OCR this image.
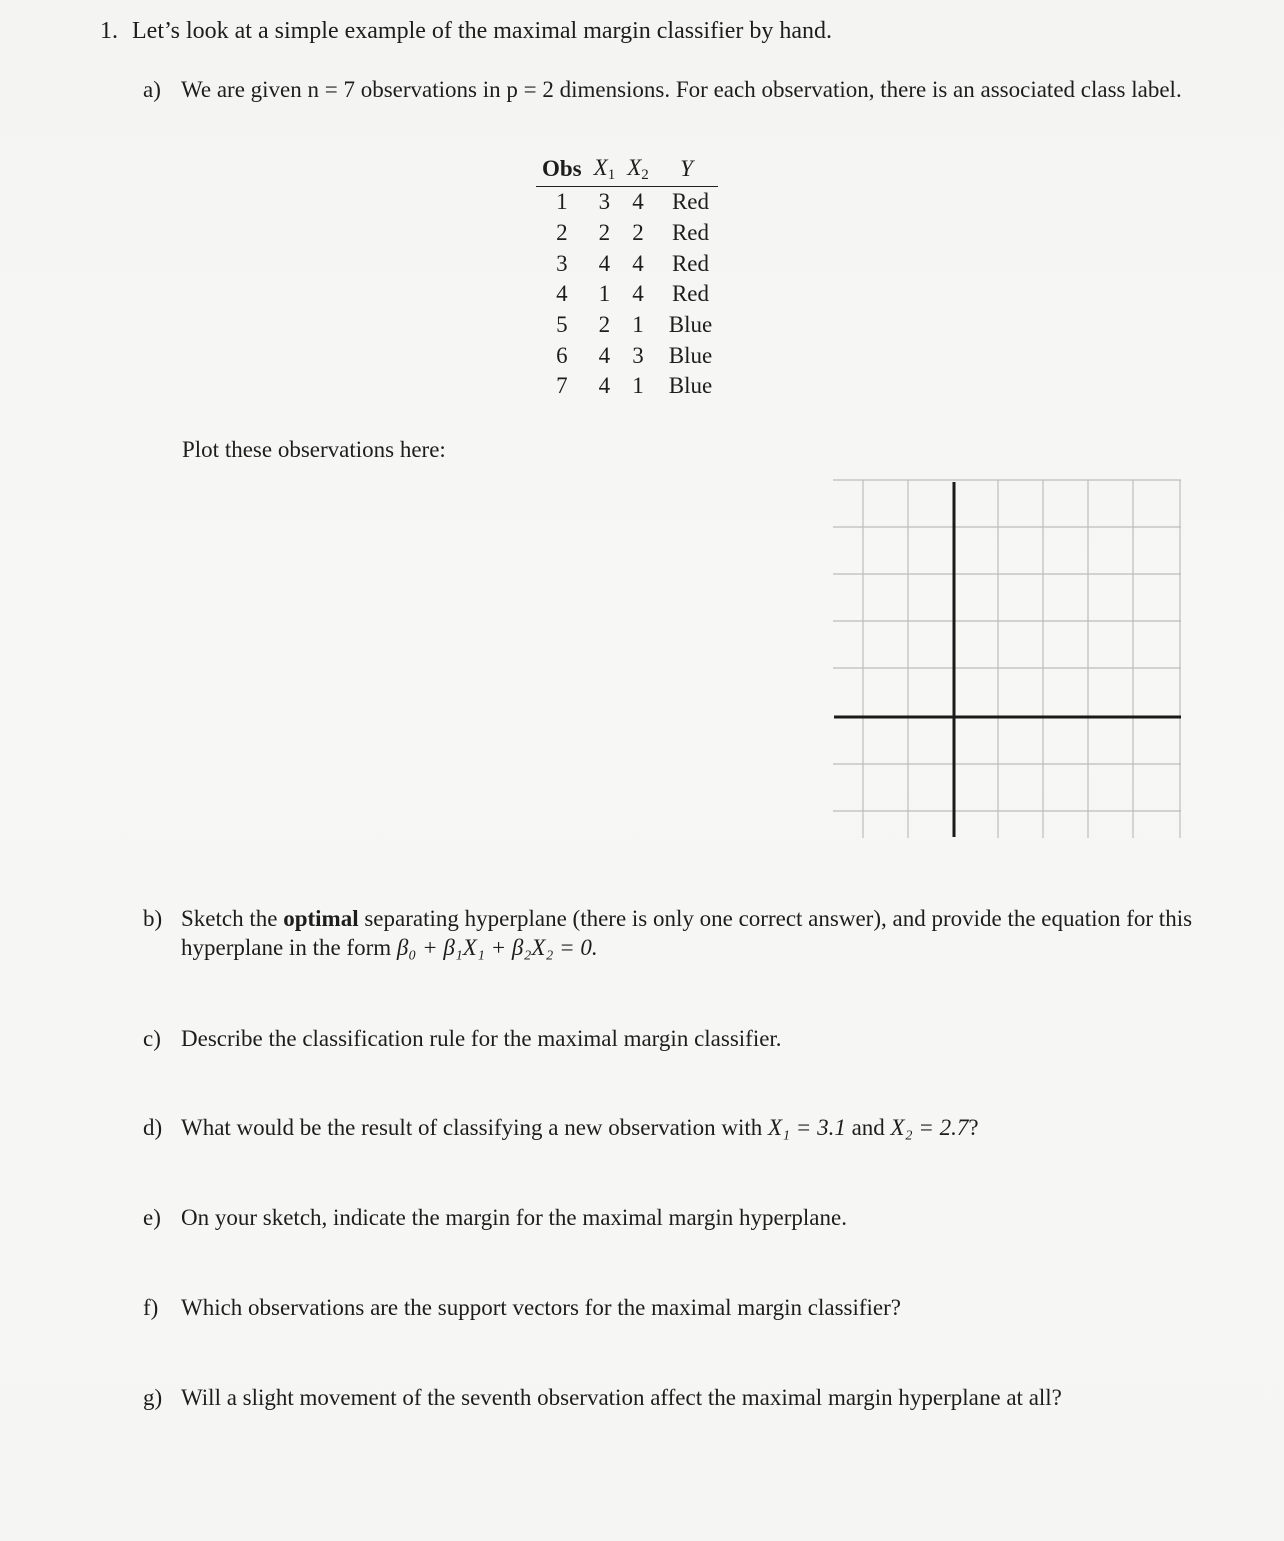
1. Let’s look at a simple example of the maximal margin classifier by hand.
a) We are given n = 7 observations in p = 2 dimensions. For each observation, there is an associated class label.
Obs	$X_1$	$X_2$	Y
1	3	4	Red
2	2	2	Red
3	4	4	Red
4	1	4	Red
5	2	1	Blue
6	4	3	Blue
7	4	1	Blue
Plot these observations here:
b) Sketch the optimal separating hyperplane (there is only one correct answer), and provide the equation for this hyperplane in the form β₀ + β₁X₁ + β₂X₂ = 0.
c) Describe the classification rule for the maximal margin classifier.
d) What would be the result of classifying a new observation with X₁ = 3.1 and X₂ = 2.7?
e) On your sketch, indicate the margin for the maximal margin hyperplane.
f) Which observations are the support vectors for the maximal margin classifier?
g) Will a slight movement of the seventh observation affect the maximal margin hyperplane at all?
